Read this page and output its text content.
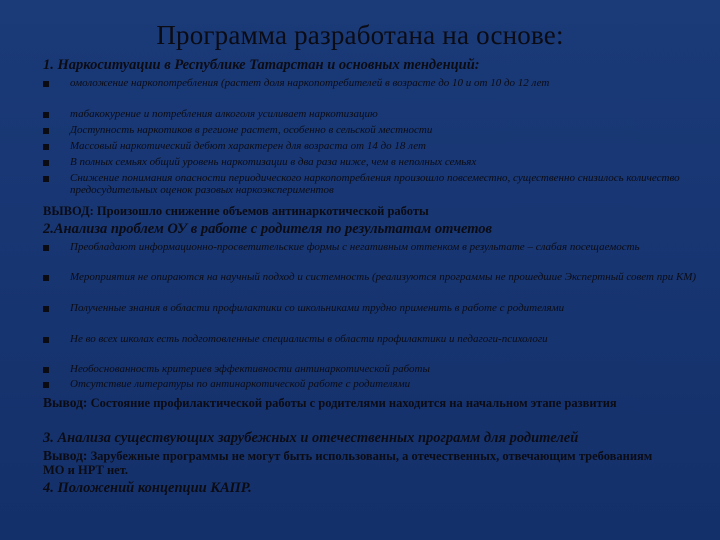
Программа разработана на основе:
1. Наркоситуации в Республике Татарстан и основных тенденций:
омоложение наркопотребления (растет доля наркопотребителей в возрасте до 10 и от 10 до 12 лет
табакокурение и потребления алкоголя усиливает наркотизацию
Доступность наркотиков в регионе растет, особенно в сельской местности
Массовый наркотический дебют характерен для возраста от 14 до 18 лет
В полных семьях общий уровень наркотизации в два раза ниже, чем в неполных семьях
Снижение понимания опасности периодического наркопотребления произошло повсеместно, существенно снизилось количество предосудительных оценок разовых наркоэкспериментов
ВЫВОД: Произошло снижение объемов антинаркотической работы
2.Анализа проблем ОУ в работе с родителя по результатам отчетов
Преобладают информационно-просветительские формы с негативным оттенком в результате – слабая посещаемость
Мероприятия не опираются на научный подход и системность (реализуются программы не прошедшие Экспертный совет при КМ)
Полученные знания в области профилактики со школьниками трудно применить в работе с родителями
Не во всех школах есть подготовленные специалисты в области профилактики и педагоги-психологи
Необоснованность критериев эффективности антинаркотической работы
Отсутствие литературы по антинаркотической работе с родителями
Вывод: Состояние профилактической работы с родителями находится на начальном этапе развития
3. Анализа существующих зарубежных и отечественных программ для родителей
Вывод: Зарубежные программы не могут быть использованы, а отечественных, отвечающим требованиям МО и НРТ нет.
4. Положений концепции КАПР.
